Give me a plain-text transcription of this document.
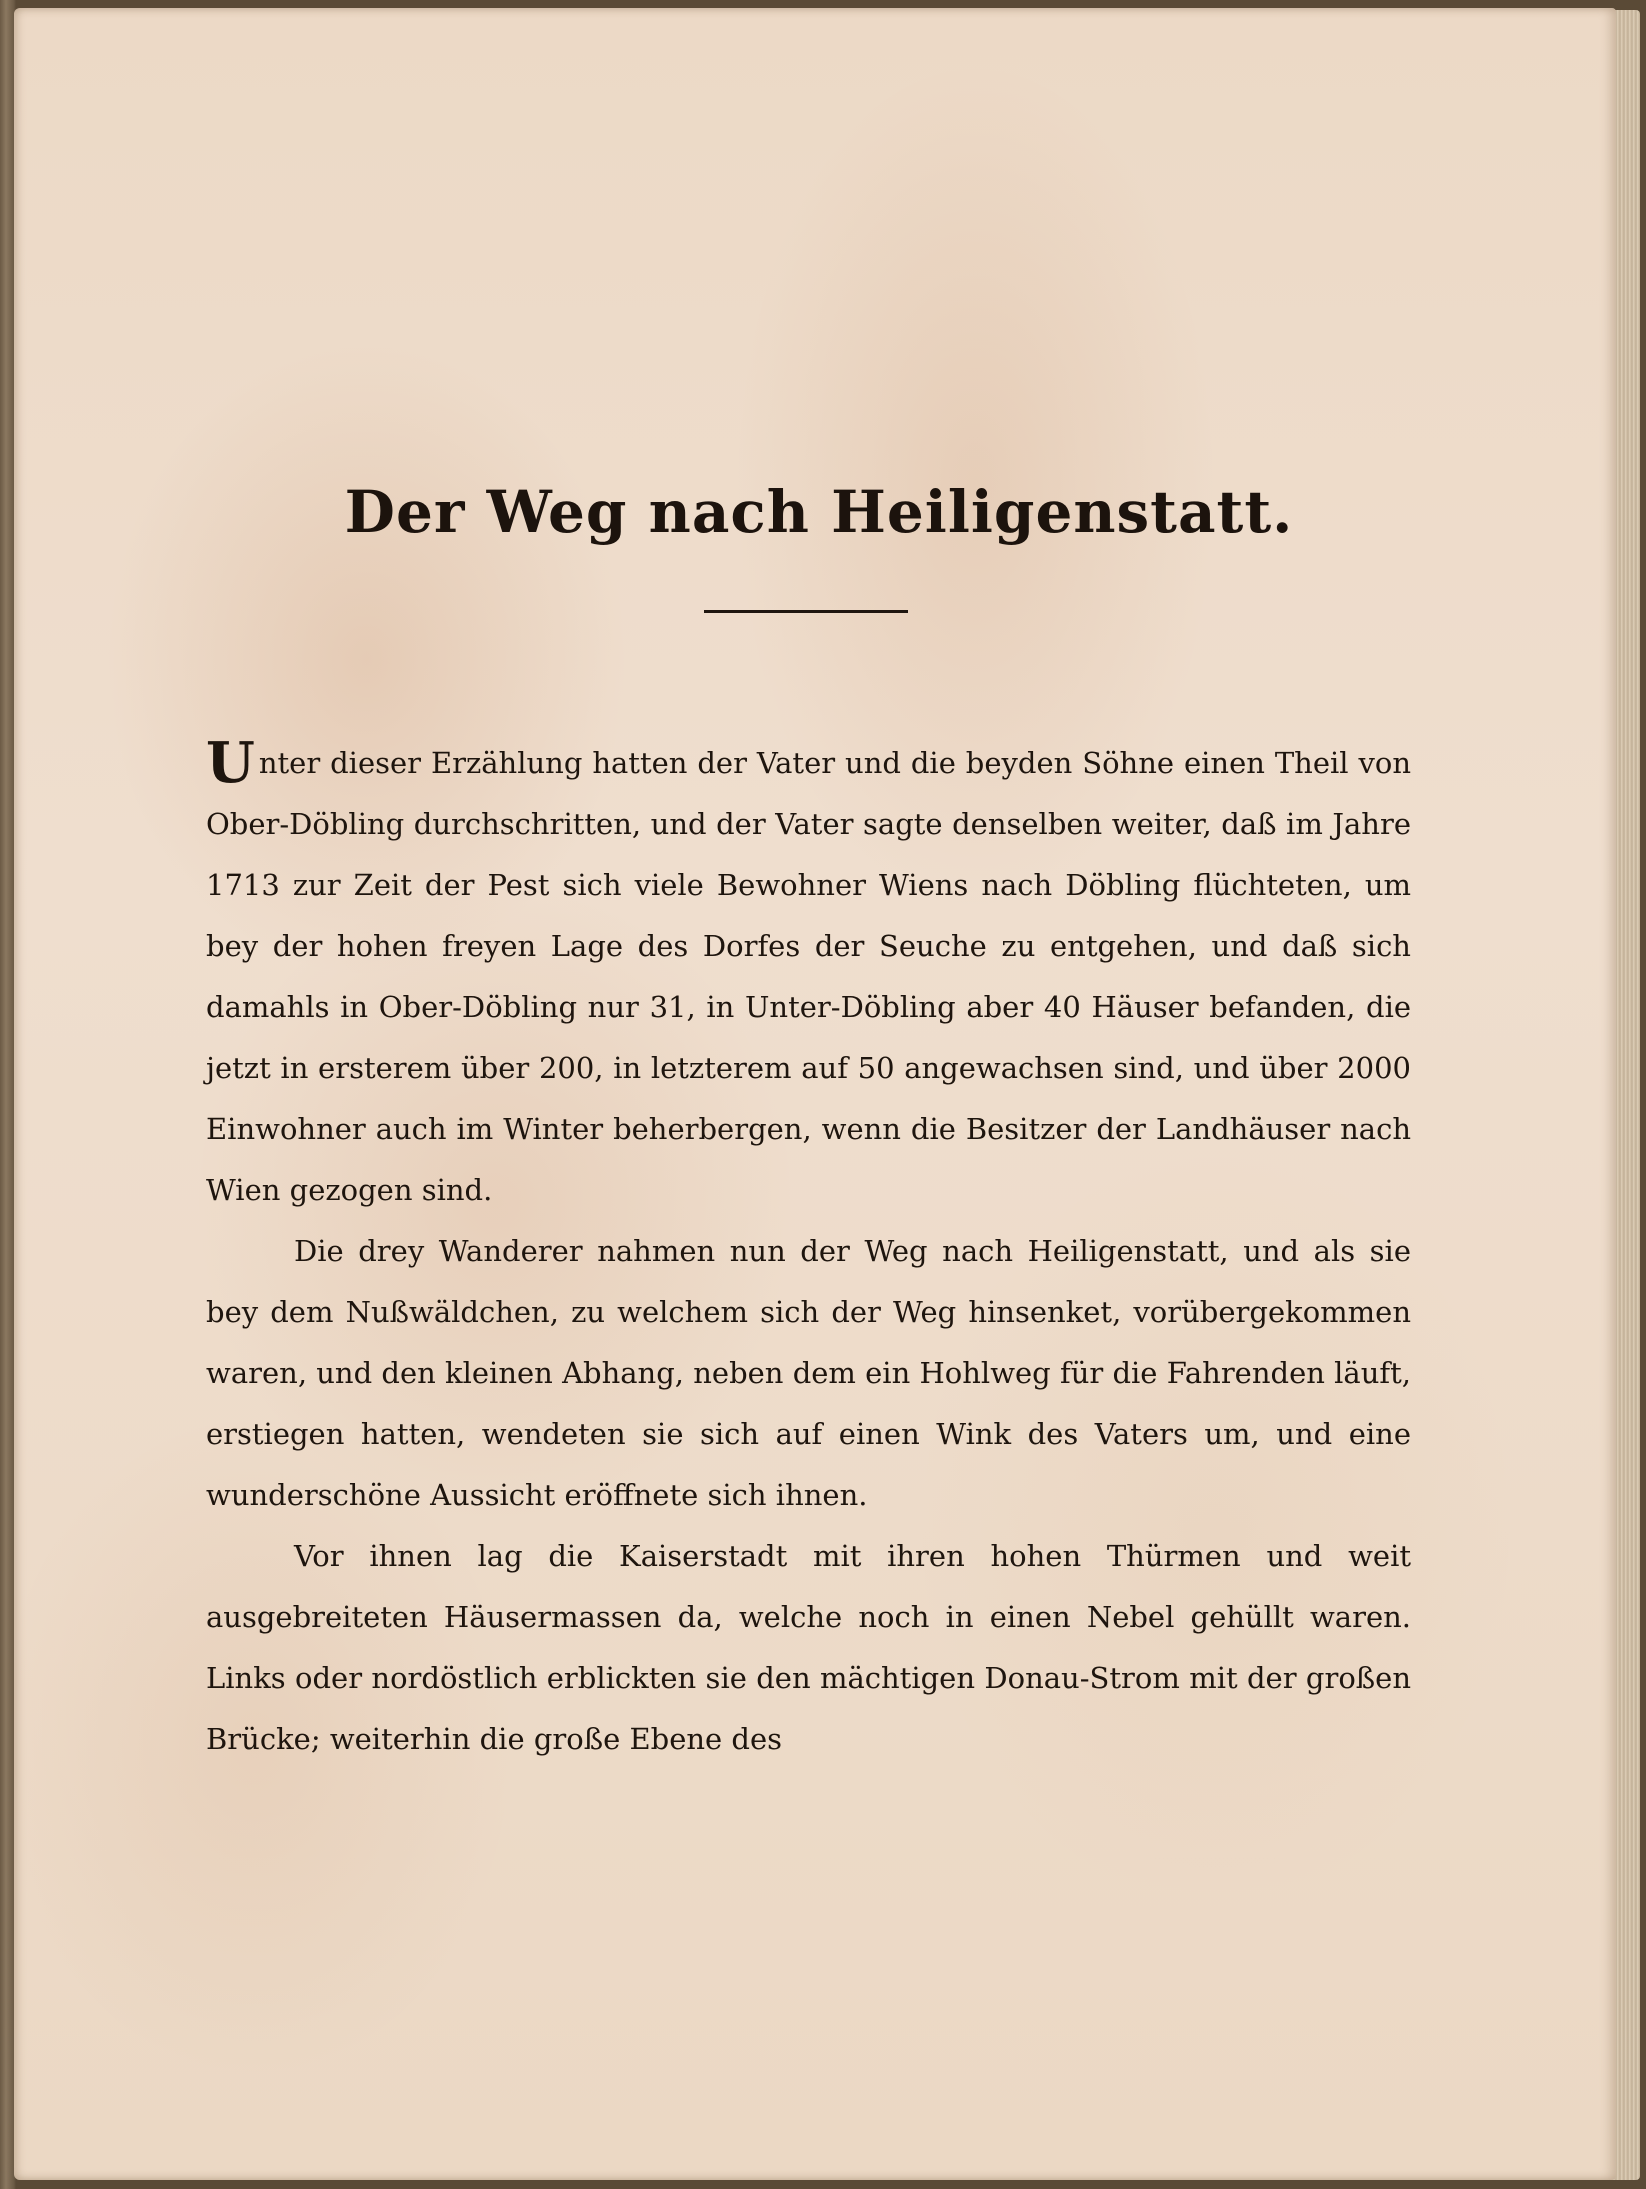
Der Weg nach Heiligenstatt.

Unter dieser Erzählung hatten der Vater und die beyden Söhne einen Theil von Ober-Döbling durchschritten, und der Vater sagte denselben weiter, daß im Jahre 1713 zur Zeit der Pest sich viele Bewohner Wiens nach Döbling flüchteten, um bey der hohen freyen Lage des Dorfes der Seuche zu entgehen, und daß sich damahls in Ober-Döbling nur 31, in Unter-Döbling aber 40 Häuser befanden, die jetzt in ersterem über 200, in letzterem auf 50 angewachsen sind, und über 2000 Einwohner auch im Winter beherbergen, wenn die Besitzer der Landhäuser nach Wien gezogen sind.

Die drey Wanderer nahmen nun der Weg nach Heiligenstatt, und als sie bey dem Nußwäldchen, zu welchem sich der Weg hinsenket, vorübergekommen waren, und den kleinen Abhang, neben dem ein Hohlweg für die Fahrenden läuft, erstiegen hatten, wendeten sie sich auf einen Wink des Vaters um, und eine wunderschöne Aussicht eröffnete sich ihnen.

Vor ihnen lag die Kaiserstadt mit ihren hohen Thürmen und weit ausgebreiteten Häusermassen da, welche noch in einen Nebel gehüllt waren. Links oder nordöstlich erblickten sie den mächtigen Donau-Strom mit der großen Brücke; weiterhin die große Ebene des
